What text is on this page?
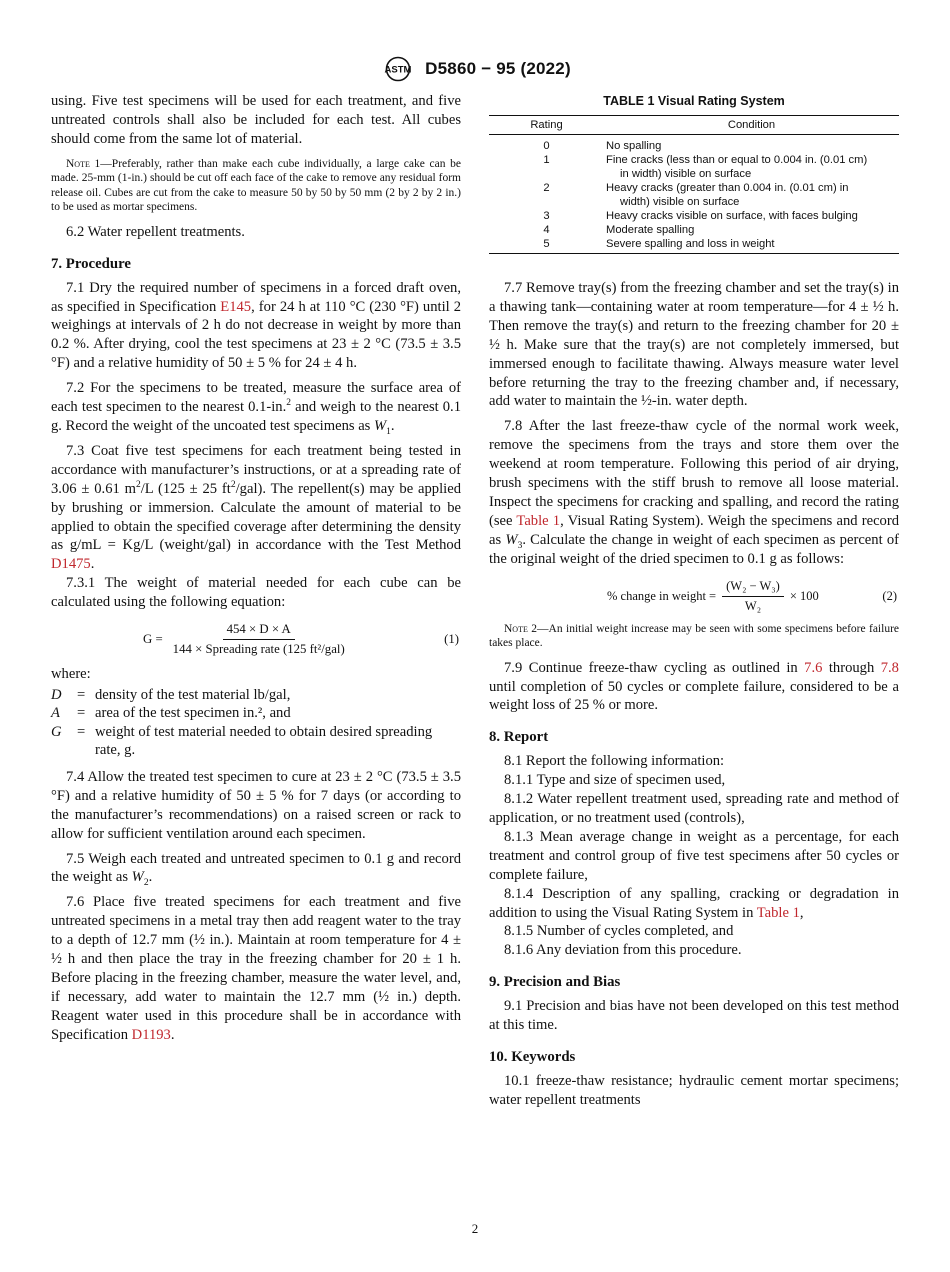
ASTM D5860 − 95 (2022)

using. Five test specimens will be used for each treatment, and five untreated controls shall also be included for each test. All cubes should come from the same lot of material.

Note 1—Preferably, rather than make each cube individually, a large cake can be made. 25-mm (1-in.) should be cut off each face of the cake to remove any residual form release oil. Cubes are cut from the cake to measure 50 by 50 by 50 mm (2 by 2 by 2 in.) to be used as mortar specimens.

6.2 Water repellent treatments.

7. Procedure

7.1 Dry the required number of specimens in a forced draft oven, as specified in Specification E145, for 24 h at 110 °C (230 °F) until 2 weighings at intervals of 2 h do not decrease in weight by more than 0.2 %. After drying, cool the test specimens at 23 ± 2 °C (73.5 ± 3.5 °F) and a relative humidity of 50 ± 5 % for 24 ± 4 h.

7.2 For the specimens to be treated, measure the surface area of each test specimen to the nearest 0.1-in.$^2$ and weigh to the nearest 0.1 g. Record the weight of the uncoated test specimens as $W_1$.

7.3 Coat five test specimens for each treatment being tested in accordance with manufacturer’s instructions, or at a spreading rate of 3.06 ± 0.61 $m^2/L$ (125 ± 25 $ft^2/gal$). The repellent(s) may be applied by brushing or immersion. Calculate the amount of material to be applied to obtain the specified coverage after determining the density as g/mL = Kg/L (weight/gal) in accordance with the Test Method D1475.

7.3.1 The weight of material needed for each cube can be calculated using the following equation:

$G = \frac{454 \times D \times A}{\text{144 × Spreading rate (125 ft²/gal)}}$	(1)

where:

D	= density of the test material lb/gal,
A	= area of the test specimen in.², and
G	= weight of test material needed to obtain desired spreading rate, g.

7.4 Allow the treated test specimen to cure at 23 ± 2 °C (73.5 ± 3.5 °F) and a relative humidity of 50 ± 5 % for 7 days (or according to the manufacturer’s recommendations) on a raised screen or rack to allow for sufficient ventilation around each specimen.

7.5 Weigh each treated and untreated specimen to 0.1 g and record the weight as $W_2$.

7.6 Place five treated specimens for each treatment and five untreated specimens in a metal tray then add reagent water to the tray to a depth of 12.7 mm (½ in.). Maintain at room temperature for 4 ± ½ h and then place the tray in the freezing chamber for 20 ± 1 h. Before placing in the freezing chamber, measure the water level, and, if necessary, add water to maintain the 12.7 mm (½ in.) depth. Reagent water used in this procedure shall be in accordance with Specification D1193.

TABLE 1 Visual Rating System
Rating	Condition
0	No spalling
1	Fine cracks (less than or equal to 0.004 in. (0.01 cm)
in width) visible on surface

2	Heavy cracks (greater than 0.004 in. (0.01 cm) in
width) visible on surface

3	Heavy cracks visible on surface, with faces bulging
4	Moderate spalling
5	Severe spalling and loss in weight

7.7 Remove tray(s) from the freezing chamber and set the tray(s) in a thawing tank—containing water at room temperature—for 4 ± ½ h. Then remove the tray(s) and return to the freezing chamber for 20 ± ½ h. Make sure that the tray(s) are not completely immersed, but immersed enough to facilitate thawing. Always measure water level before returning the tray to the freezing chamber and, if necessary, add water to maintain the ½-in. water depth.

7.8 After the last freeze-thaw cycle of the normal work week, remove the specimens from the trays and store them over the weekend at room temperature. Following this period of air drying, brush specimens with the stiff brush to remove all loose material. Inspect the specimens for cracking and spalling, and record the rating (see Table 1, Visual Rating System). Weigh the specimens and record as $W_3$. Calculate the change in weight of each specimen as percent of the original weight of the dried specimen to 0.1 g as follows:

% change in weight = $\frac{\text{(W₂ − W₃)}}{\text{W₂}} \times 100$	(2)

Note 2—An initial weight increase may be seen with some specimens before failure takes place.

7.9 Continue freeze-thaw cycling as outlined in 7.6 through 7.8 until completion of 50 cycles or complete failure, considered to be a weight loss of 25 % or more.

8. Report

8.1 Report the following information:

8.1.1 Type and size of specimen used,

8.1.2 Water repellent treatment used, spreading rate and method of application, or no treatment used (controls),

8.1.3 Mean average change in weight as a percentage, for each treatment and control group of five test specimens after 50 cycles or complete failure,

8.1.4 Description of any spalling, cracking or degradation in addition to using the Visual Rating System in Table 1,

8.1.5 Number of cycles completed, and

8.1.6 Any deviation from this procedure.

9. Precision and Bias

9.1 Precision and bias have not been developed on this test method at this time.

10. Keywords

10.1 freeze-thaw resistance; hydraulic cement mortar specimens; water repellent treatments

2
